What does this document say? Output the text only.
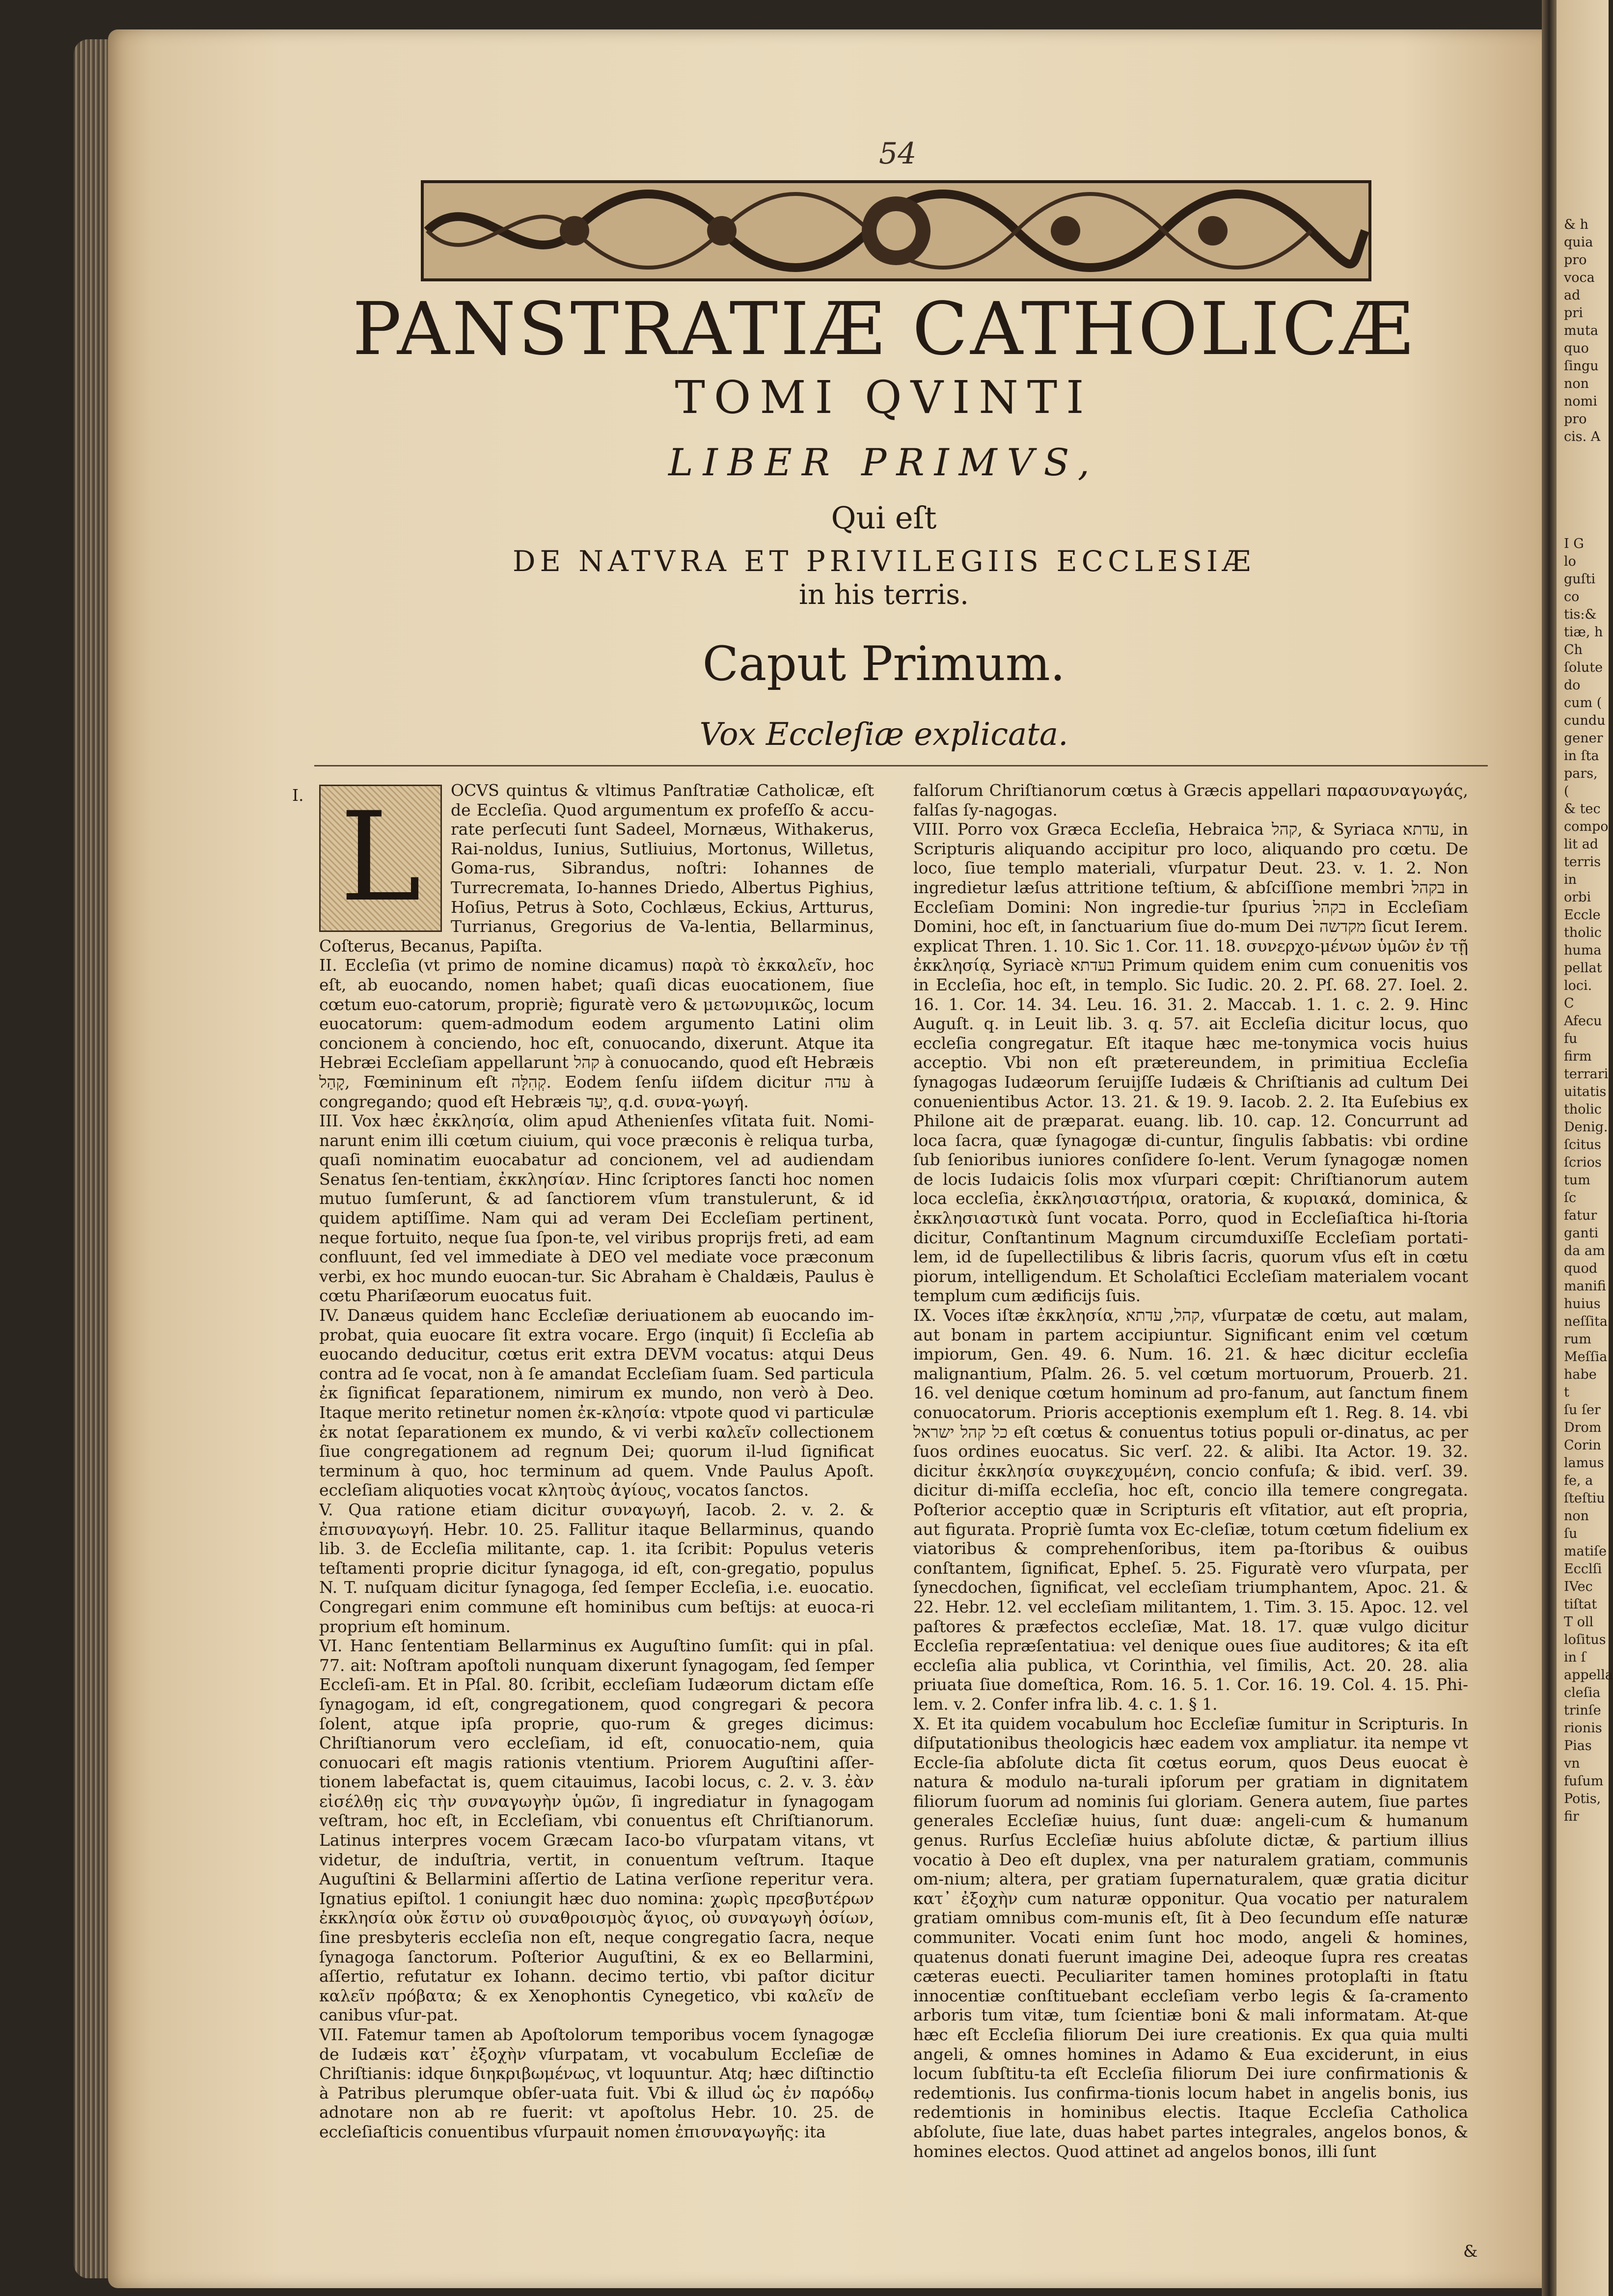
& h
quia
pro
voca
ad
pri
muta
quo
ſingu
non
nomi
pro
cis. A
I G
lo
guſti
co
tis:&
tiæ, h
Ch
ſolute
do
cum (
cundu
gener
in ſta
pars, (
& tec
compo
lit ad
terris
in orbi
Eccle
tholic
huma
pellat
loci. C
Afecu
fu firm
terrari
uitatis
tholic
Denig.
ſcitus
ſcrios
tum ſc
fatur
ganti
da am
quod
manifi
huius
neſſita
rum
Meſſia
habe t
ſu ſer
Drom
Corin
lamus
fe, a
ſteſtiu
non ſu
matiſe
Ecclſi
IVec
tiſtat
T oll
loſitus
in ſ
appella
cleſia
trinſe
rionis
Pias vn
fuſum
Potis,
fir
54
PANSTRATIÆ CATHOLICÆ
TOMI QVINTI
LIBER PRIMVS,
Qui eſt
DE NATVRA ET PRIVILEGIIS ECCLESIÆ
in his terris.
Caput Primum.
Vox Eccleſiæ explicata.
I. L	OCVS quintus & vltimus Panſtratiæ Catholicæ, eſt de Eccleſia. Quod argumentum ex profeſſo & accu-rate perſecuti ſunt Sadeel, Mornæus, Withakerus, Rai-noldus, Iunius, Sutliuius, Mortonus, Willetus, Goma-rus, Sibrandus, noſtri: Iohannes de Turrecremata, Io-hannes Driedo, Albertus Pighius, Hoſius, Petrus à Soto, Cochlæus, Eckius, Artturus, Turrianus, Gregorius de Va-lentia, Bellarminus, Coſterus, Becanus, Papiſta.

II. Eccleſia (vt primo de nomine dicamus) παρὰ τὸ ἐκκαλεῖν, hoc eſt, ab euocando, nomen habet; quaſi dicas euocationem, ſiue cœtum euo-catorum, propriè; figuratè vero & μετωνυμικῶς, locum euocatorum: quem-admodum eodem argumento Latini olim concionem à conciendo, hoc eſt, conuocando, dixerunt. Atque ita Hebræi Eccleſiam appellarunt קהל à conuocando, quod eſt Hebræis קָהַל, Fœmininum eſt קְהִלָּה. Eodem ſenſu iiſdem dicitur עדה à congregando; quod eſt Hebræis יָעַד, q.d. συνα-γωγή.

III. Vox hæc ἐκκλησία, olim apud Athenienſes vſitata fuit. Nomi-narunt enim illi cœtum ciuium, qui voce præconis è reliqua turba, quaſi nominatim euocabatur ad concionem, vel ad audiendam Senatus ſen-tentiam, ἐκκλησίαν. Hinc ſcriptores ſancti hoc nomen mutuo ſumſerunt, & ad ſanctiorem vſum transtulerunt, & id quidem aptiſſime. Nam qui ad veram Dei Eccleſiam pertinent, neque fortuito, neque ſua ſpon-te, vel viribus proprijs freti, ad eam confluunt, ſed vel immediate à DEO vel mediate voce præconum verbi, ex hoc mundo euocan-tur. Sic Abraham è Chaldæis, Paulus è cœtu Phariſæorum euocatus fuit.

IV. Danæus quidem hanc Eccleſiæ deriuationem ab euocando im-probat, quia euocare ſit extra vocare. Ergo (inquit) ſi Eccleſia ab euocando deducitur, cœtus erit extra DEVM vocatus: atqui Deus contra ad ſe vocat, non à ſe amandat Eccleſiam ſuam. Sed particula ἐκ ſignificat ſeparationem, nimirum ex mundo, non verò à Deo. Itaque merito retinetur nomen ἐκ-κλησία: vtpote quod vi particulæ ἐκ notat ſeparationem ex mundo, & vi verbi καλεῖν collectionem ſiue congregationem ad regnum Dei; quorum il-lud ſignificat terminum à quo, hoc terminum ad quem. Vnde Paulus Apoſt. eccleſiam aliquoties vocat κλητοὺς ἁγίους, vocatos ſanctos.

V. Qua ratione etiam dicitur συναγωγή, Iacob. 2. v. 2. & ἐπισυναγωγή. Hebr. 10. 25. Fallitur itaque Bellarminus, quando lib. 3. de Eccleſia militante, cap. 1. ita ſcribit: Populus veteris teſtamenti proprie dicitur ſynagoga, id eſt, con-gregatio, populus N. T. nuſquam dicitur ſynagoga, ſed ſemper Eccleſia, i.e. euocatio. Congregari enim commune eſt hominibus cum beſtijs: at euoca-ri proprium eſt hominum.

VI. Hanc ſententiam Bellarminus ex Auguſtino ſumſit: qui in pſal. 77. ait: Noſtram apoſtoli nunquam dixerunt ſynagogam, ſed ſemper Eccleſi-am. Et in Pſal. 80. ſcribit, eccleſiam Iudæorum dictam eſſe ſynagogam, id eſt, congregationem, quod congregari & pecora ſolent, atque ipſa proprie, quo-rum & greges dicimus: Chriſtianorum vero eccleſiam, id eſt, conuocatio-nem, quia conuocari eſt magis rationis vtentium. Priorem Auguſtini aſſer-tionem labefactat is, quem citauimus, Iacobi locus, c. 2. v. 3. ἐὰν εἰσέλθῃ εἰς τὴν συναγωγὴν ὑμῶν, ſi ingrediatur in ſynagogam veſtram, hoc eſt, in Eccleſiam, vbi conuentus eſt Chriſtianorum. Latinus interpres vocem Græcam Iaco-bo vſurpatam vitans, vt videtur, de induſtria, vertit, in conuentum veſtrum. Itaque Auguſtini & Bellarmini aſſertio de Latina verſione reperitur vera. Ignatius epiſtol. 1 coniungit hæc duo nomina: χωρὶς πρεσβυτέρων ἐκκλησία οὐκ ἔστιν οὐ συναθροισμὸς ἅγιος, οὐ συναγωγὴ ὁσίων, ſine presbyteris eccleſia non eſt, neque congregatio ſacra, neque ſynagoga ſanctorum. Poſterior Auguſtini, & ex eo Bellarmini, aſſertio, refutatur ex Iohann. decimo tertio, vbi paſtor dicitur καλεῖν πρόβατα; & ex Xenophontis Cynegetico, vbi καλεῖν de canibus vſur-pat.

VII. Fatemur tamen ab Apoſtolorum temporibus vocem ſynagogæ de Iudæis κατ᾽ ἐξοχὴν vſurpatam, vt vocabulum Eccleſiæ de Chriſtianis: idque διηκριβωμένως, vt loquuntur. Atq; hæc diſtinctio à Patribus plerumque obſer-uata fuit. Vbi & illud ὡς ἐν παρόδῳ adnotare non ab re fuerit: vt apoſtolus Hebr. 10. 25. de eccleſiaſticis conuentibus vſurpauit nomen ἐπισυναγωγῆς: ita

falſorum Chriſtianorum cœtus à Græcis appellari παρασυναγωγάς, falſas ſy-nagogas.

VIII. Porro vox Græca Eccleſia, Hebraica קהל, & Syriaca עדתא, in Scripturis aliquando accipitur pro loco, aliquando pro cœtu. De loco, ſiue templo materiali, vſurpatur Deut. 23. v. 1. 2. Non ingredietur læſus attritione teſtium, & abſciſſione membri בקהל in Eccleſiam Domini: Non ingredie-tur ſpurius בקהל in Eccleſiam Domini, hoc eſt, in ſanctuarium ſiue do-mum Dei מקדשה ſicut Ierem. explicat Thren. 1. 10. Sic 1. Cor. 11. 18. συνερχο-μένων ὑμῶν ἐν τῇ ἐκκλησίᾳ, Syriacè בעדתא Primum quidem enim cum conuenitis vos in Eccleſia, hoc eſt, in templo. Sic Iudic. 20. 2. Pſ. 68. 27. Ioel. 2. 16. 1. Cor. 14. 34. Leu. 16. 31. 2. Maccab. 1. 1. c. 2. 9. Hinc Auguſt. q. in Leuit lib. 3. q. 57. ait Eccleſia dicitur locus, quo eccleſia congregatur. Eſt itaque hæc me-tonymica vocis huius acceptio. Vbi non eſt prætereundem, in primitiua Eccleſia ſynagogas Iudæorum ſeruijſſe Iudæis & Chriſtianis ad cultum Dei conuenientibus Actor. 13. 21. & 19. 9. Iacob. 2. 2. Ita Euſebius ex Philone ait de præparat. euang. lib. 10. cap. 12. Concurrunt ad loca ſacra, quæ ſynagogæ di-cuntur, ſingulis ſabbatis: vbi ordine ſub ſenioribus iuniores conſidere ſo-lent. Verum ſynagogæ nomen de locis Iudaicis ſolis mox vſurpari cœpit: Chriſtianorum autem loca eccleſia, ἐκκλησιαστήρια, oratoria, & κυριακά, dominica, & ἐκκλησιαστικὰ ſunt vocata. Porro, quod in Eccleſiaſtica hi-ſtoria dicitur, Conſtantinum Magnum circumduxiſſe Eccleſiam portati-lem, id de ſupellectilibus & libris ſacris, quorum vſus eſt in cœtu piorum, intelligendum. Et Scholaſtici Eccleſiam materialem vocant templum cum ædificijs ſuis.

IX. Voces iſtæ ἐκκλησία, קהל, עדתא, vſurpatæ de cœtu, aut malam, aut bonam in partem accipiuntur. Significant enim vel cœtum impiorum, Gen. 49. 6. Num. 16. 21. & hæc dicitur eccleſia malignantium, Pſalm. 26. 5. vel cœtum mortuorum, Prouerb. 21. 16. vel denique cœtum hominum ad pro-fanum, aut ſanctum finem conuocatorum. Prioris acceptionis exemplum eſt 1. Reg. 8. 14. vbi כל קהל ישראל eſt cœtus & conuentus totius populi or-dinatus, ac per ſuos ordines euocatus. Sic verſ. 22. & alibi. Ita Actor. 19. 32. dicitur ἐκκλησία συγκεχυμένη, concio confuſa; & ibid. verſ. 39. dicitur di-miſſa eccleſia, hoc eſt, concio illa temere congregata. Poſterior acceptio quæ in Scripturis eſt vſitatior, aut eſt propria, aut figurata. Propriè ſumta vox Ec-cleſiæ, totum cœtum fidelium ex viatoribus & comprehenſoribus, item pa-ſtoribus & ouibus conſtantem, ſignificat, Epheſ. 5. 25. Figuratè vero vſurpata, per ſynecdochen, ſignificat, vel eccleſiam triumphantem, Apoc. 21. & 22. Hebr. 12. vel eccleſiam militantem, 1. Tim. 3. 15. Apoc. 12. vel paſtores & præfectos eccleſiæ, Mat. 18. 17. quæ vulgo dicitur Eccleſia repræſentatiua: vel denique oues ſiue auditores; & ita eſt eccleſia alia publica, vt Corinthia, vel ſimilis, Act. 20. 28. alia priuata ſiue domeſtica, Rom. 16. 5. 1. Cor. 16. 19. Col. 4. 15. Phi-lem. v. 2. Confer infra lib. 4. c. 1. § 1.

X. Et ita quidem vocabulum hoc Eccleſiæ ſumitur in Scripturis. In diſputationibus theologicis hæc eadem vox ampliatur. ita nempe vt Eccle-ſia abſolute dicta ſit cœtus eorum, quos Deus euocat è natura & modulo na-turali ipſorum per gratiam in dignitatem filiorum ſuorum ad nominis ſui gloriam. Genera autem, ſiue partes generales Eccleſiæ huius, ſunt duæ: angeli-cum & humanum genus. Rurſus Eccleſiæ huius abſolute dictæ, & partium illius vocatio à Deo eſt duplex, vna per naturalem gratiam, communis om-nium; altera, per gratiam ſupernaturalem, quæ gratia dicitur κατ᾽ ἐξοχὴν cum naturæ opponitur. Qua vocatio per naturalem gratiam omnibus com-munis eſt, ſit à Deo ſecundum eſſe naturæ communiter. Vocati enim ſunt hoc modo, angeli & homines, quatenus donati fuerunt imagine Dei, adeoque ſupra res creatas cæteras euecti. Peculiariter tamen homines protoplaſti in ſtatu innocentiæ conſtituebant eccleſiam verbo legis & ſa-cramento arboris tum vitæ, tum ſcientiæ boni & mali informatam. At-que hæc eſt Eccleſia filiorum Dei iure creationis. Ex qua quia multi angeli, & omnes homines in Adamo & Eua exciderunt, in eius locum ſubſtitu-ta eſt Eccleſia filiorum Dei iure confirmationis & redemtionis. Ius confirma-tionis locum habet in angelis bonis, ius redemtionis in hominibus electis. Itaque Eccleſia Catholica abſolute, ſiue late, duas habet partes integrales, angelos bonos, & homines electos. Quod attinet ad angelos bonos, illi ſunt

&
